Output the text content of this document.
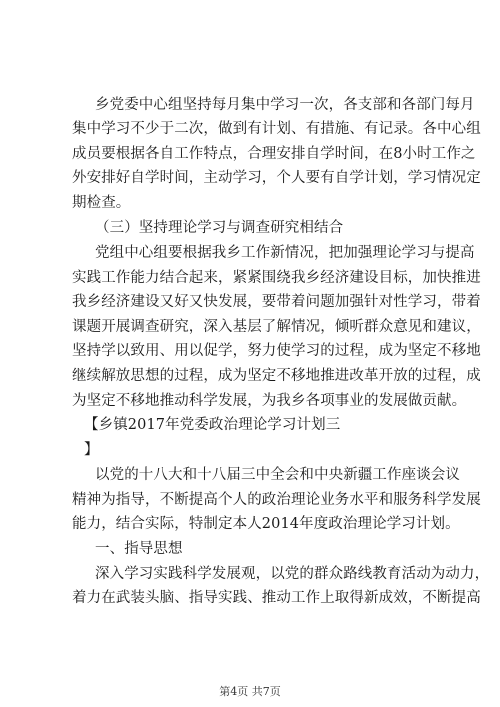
乡党委中心组坚持每月集中学习一次，各支部和各部门每月
集中学习不少于二次，做到有计划、有措施、有记录。各中心组
成员要根据各自工作特点，合理安排自学时间，在8小时工作之
外安排好自学时间，主动学习，个人要有自学计划，学习情况定
期检查。
（三）坚持理论学习与调查研究相结合
党组中心组要根据我乡工作新情况，把加强理论学习与提高
实践工作能力结合起来，紧紧围绕我乡经济建设目标，加快推进
我乡经济建设又好又快发展，要带着问题加强针对性学习，带着
课题开展调查研究，深入基层了解情况，倾听群众意见和建议，
坚持学以致用、用以促学，努力使学习的过程，成为坚定不移地
继续解放思想的过程，成为坚定不移地推进改革开放的过程，成
为坚定不移地推动科学发展，为我乡各项事业的发展做贡献。
【乡镇2017年党委政治理论学习计划三
】
以党的十八大和十八届三中全会和中央新疆工作座谈会议
精神为指导，不断提高个人的政治理论业务水平和服务科学发展
能力，结合实际，特制定本人2014年度政治理论学习计划。
一、指导思想
深入学习实践科学发展观，以党的群众路线教育活动为动力，
着力在武装头脑、指导实践、推动工作上取得新成效，不断提高
第4页 共7页
